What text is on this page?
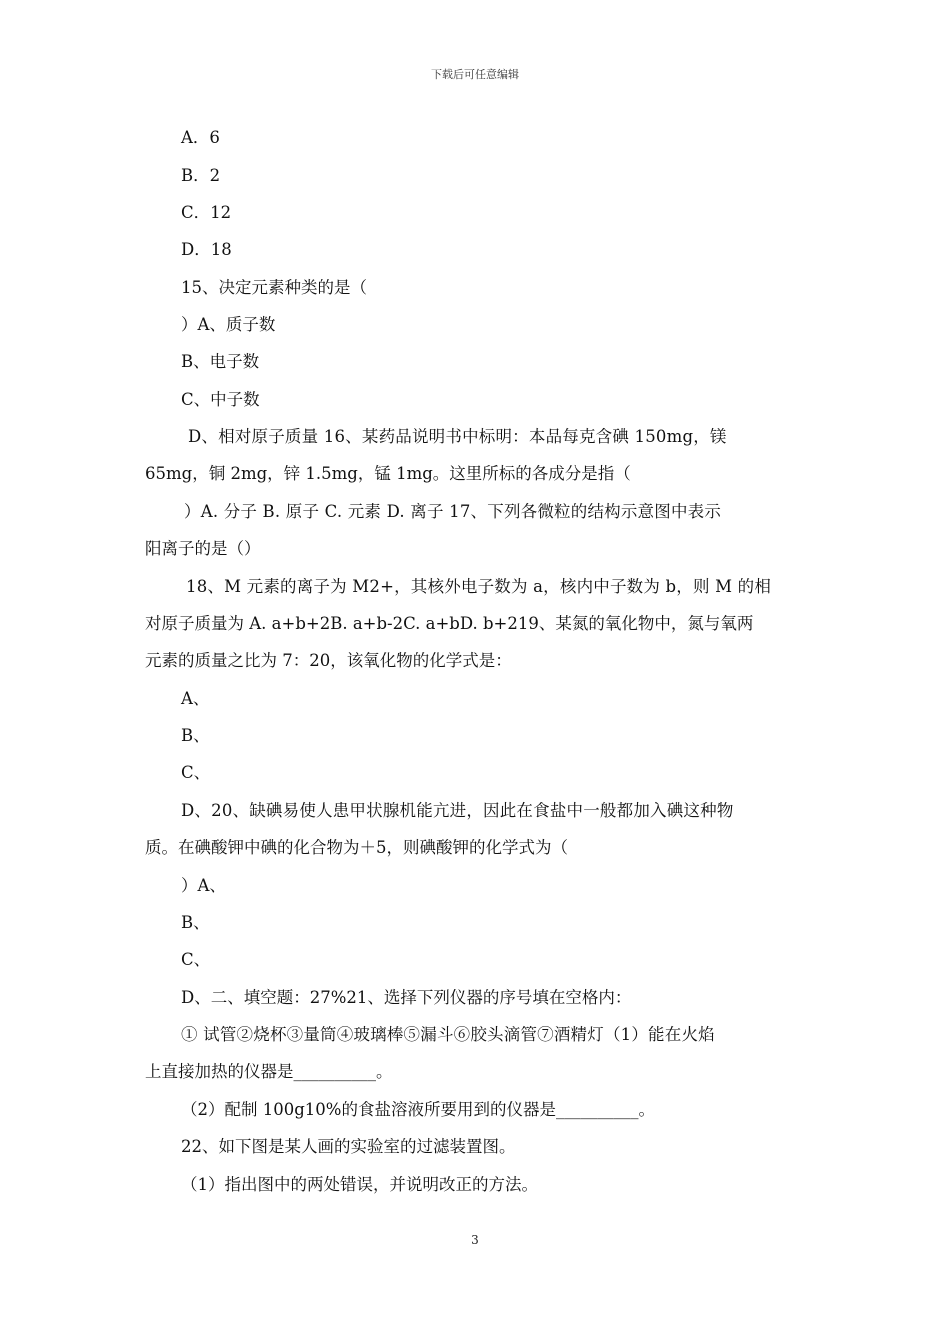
下载后可任意编辑
A．6
B．2
C．12
D．18
15、决定元素种类的是（
）A、质子数
B、电子数
C、中子数
D、相对原子质量 16、某药品说明书中标明：本品每克含碘 150mg，镁
65mg，铜 2mg，锌 1.5mg，锰 1mg。这里所标的各成分是指（
）A. 分子 B. 原子 C. 元素 D. 离子 17、下列各微粒的结构示意图中表示
阳离子的是（）
18、M 元素的离子为 M2+，其核外电子数为 a，核内中子数为 b，则 M 的相
对原子质量为 A. a+b+2B. a+b-2C. a+bD. b+219、某氮的氧化物中，氮与氧两
元素的质量之比为 7：20，该氧化物的化学式是：
A、
B、
C、
D、20、缺碘易使人患甲状腺机能亢进，因此在食盐中一般都加入碘这种物
质。在碘酸钾中碘的化合物为＋5，则碘酸钾的化学式为（
）A、
B、
C、
D、二、填空题：27%21、选择下列仪器的序号填在空格内：
① 试管②烧杯③量筒④玻璃棒⑤漏斗⑥胶头滴管⑦酒精灯（1）能在火焰
上直接加热的仪器是__________。
（2）配制 100g10%的食盐溶液所要用到的仪器是__________。
22、如下图是某人画的实验室的过滤装置图。
（1）指出图中的两处错误，并说明改正的方法。
3
